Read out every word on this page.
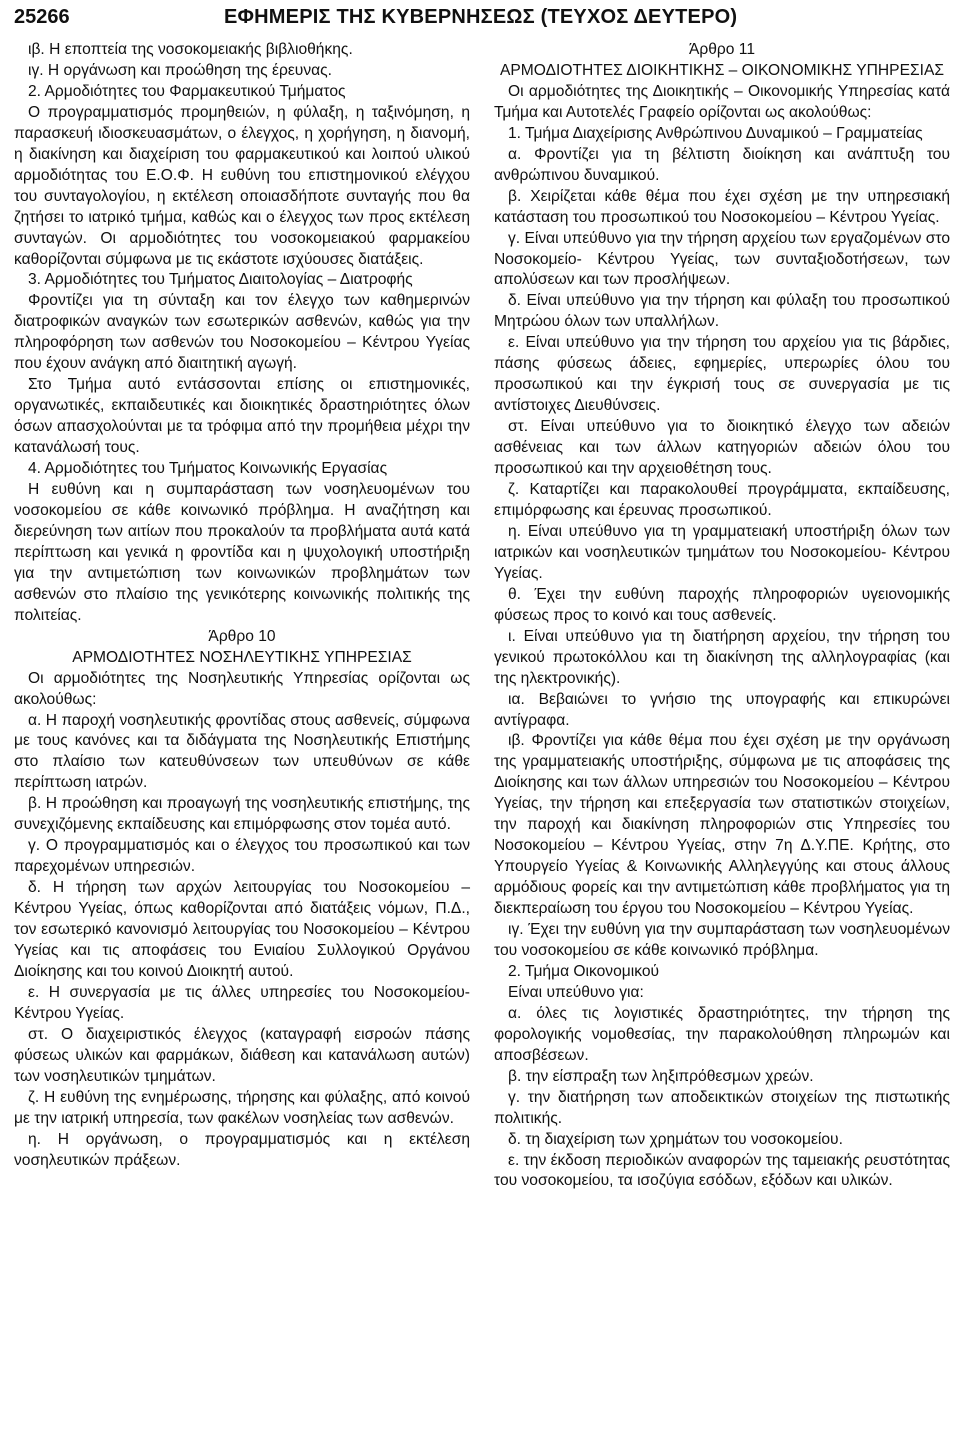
25266	ΕΦΗΜΕΡΙΣ ΤΗΣ ΚΥΒΕΡΝΗΣΕΩΣ (ΤΕΥΧΟΣ ΔΕΥΤΕΡΟ)

ιβ. Η εποπτεία της νοσοκομειακής βιβλιοθήκης.

ιγ. Η οργάνωση και προώθηση της έρευνας.

2. Αρμοδιότητες του Φαρμακευτικού Τμήματος

Ο προγραμματισμός προμηθειών, η φύλαξη, η ταξινόμηση, η παρασκευή ιδιοσκευασμάτων, ο έλεγχος, η χορήγηση, η διανομή, η διακίνηση και διαχείριση του φαρμακευτικού και λοιπού υλικού αρμοδιότητας του Ε.Ο.Φ. Η ευθύνη του επιστημονικού ελέγχου του συνταγολογίου, η εκτέλεση οποιασδήποτε συνταγής που θα ζητήσει το ιατρικό τμήμα, καθώς και ο έλεγχος των προς εκτέλεση συνταγών. Οι αρμοδιότητες του νοσοκομειακού φαρμακείου καθορίζονται σύμφωνα με τις εκάστοτε ισχύουσες διατάξεις.

3. Αρμοδιότητες του Τμήματος Διαιτολογίας – Διατροφής

Φροντίζει για τη σύνταξη και τον έλεγχο των καθημερινών διατροφικών αναγκών των εσωτερικών ασθενών, καθώς για την πληροφόρηση των ασθενών του Νοσοκομείου – Κέντρου Υγείας που έχουν ανάγκη από διαιτητική αγωγή.

Στο Τμήμα αυτό εντάσσονται επίσης οι επιστημονικές, οργανωτικές, εκπαιδευτικές και διοικητικές δραστηριότητες όλων όσων απασχολούνται με τα τρόφιμα από την προμήθεια μέχρι την κατανάλωσή τους.

4. Αρμοδιότητες του Τμήματος Κοινωνικής Εργασίας

Η ευθύνη και η συμπαράσταση των νοσηλευομένων του νοσοκομείου σε κάθε κοινωνικό πρόβλημα. Η αναζήτηση και διερεύνηση των αιτίων που προκαλούν τα προβλήματα αυτά κατά περίπτωση και γενικά η φροντίδα και η ψυχολογική υποστήριξη για την αντιμετώπιση των κοινωνικών προβλημάτων των ασθενών στο πλαίσιο της γενικότερης κοινωνικής πολιτικής της πολιτείας.

Άρθρο 10

ΑΡΜΟΔΙΟΤΗΤΕΣ ΝΟΣΗΛΕΥΤΙΚΗΣ ΥΠΗΡΕΣΙΑΣ

Οι αρμοδιότητες της Νοσηλευτικής Υπηρεσίας ορίζονται ως ακολούθως:

α. Η παροχή νοσηλευτικής φροντίδας στους ασθενείς, σύμφωνα με τους κανόνες και τα διδάγματα της Νοσηλευτικής Επιστήμης στο πλαίσιο των κατευθύνσεων των υπευθύνων σε κάθε περίπτωση ιατρών.

β. Η προώθηση και προαγωγή της νοσηλευτικής επιστήμης, της συνεχιζόμενης εκπαίδευσης και επιμόρφωσης στον τομέα αυτό.

γ. Ο προγραμματισμός και ο έλεγχος του προσωπικού και των παρεχομένων υπηρεσιών.

δ. Η τήρηση των αρχών λειτουργίας του Νοσοκομείου – Κέντρου Υγείας, όπως καθορίζονται από διατάξεις νόμων, Π.Δ., τον εσωτερικό κανονισμό λειτουργίας του Νοσοκομείου – Κέντρου Υγείας και τις αποφάσεις του Ενιαίου Συλλογικού Οργάνου Διοίκησης και του κοινού Διοικητή αυτού.

ε. Η συνεργασία με τις άλλες υπηρεσίες του Νοσοκομείου- Κέντρου Υγείας.

στ. Ο διαχειριστικός έλεγχος (καταγραφή εισροών πάσης φύσεως υλικών και φαρμάκων, διάθεση και κατανάλωση αυτών) των νοσηλευτικών τμημάτων.

ζ. Η ευθύνη της ενημέρωσης, τήρησης και φύλαξης, από κοινού με την ιατρική υπηρεσία, των φακέλων νοσηλείας των ασθενών.

η. Η οργάνωση, ο προγραμματισμός και η εκτέλεση νοσηλευτικών πράξεων.

Άρθρο 11

ΑΡΜΟΔΙΟΤΗΤΕΣ ΔΙΟΙΚΗΤΙΚΗΣ – ΟΙΚΟΝΟΜΙΚΗΣ ΥΠΗΡΕΣΙΑΣ

Οι αρμοδιότητες της Διοικητικής – Οικονομικής Υπηρεσίας κατά Τμήμα και Αυτοτελές Γραφείο ορίζονται ως ακολούθως:

1. Τμήμα Διαχείρισης Ανθρώπινου Δυναμικού – Γραμματείας

α. Φροντίζει για τη βέλτιστη διοίκηση και ανάπτυξη του ανθρώπινου δυναμικού.

β. Χειρίζεται κάθε θέμα που έχει σχέση με την υπηρεσιακή κατάσταση του προσωπικού του Νοσοκομείου – Κέντρου Υγείας.

γ. Είναι υπεύθυνο για την τήρηση αρχείου των εργαζομένων στο Νοσοκομείο- Κέντρου Υγείας, των συνταξιοδοτήσεων, των απολύσεων και των προσλήψεων.

δ. Είναι υπεύθυνο για την τήρηση και φύλαξη του προσωπικού Μητρώου όλων των υπαλλήλων.

ε. Είναι υπεύθυνο για την τήρηση του αρχείου για τις βάρδιες, πάσης φύσεως άδειες, εφημερίες, υπερωρίες όλου του προσωπικού και την έγκρισή τους σε συνεργασία με τις αντίστοιχες Διευθύνσεις.

στ. Είναι υπεύθυνο για το διοικητικό έλεγχο των αδειών ασθένειας και των άλλων κατηγοριών αδειών όλου του προσωπικού και την αρχειοθέτηση τους.

ζ. Καταρτίζει και παρακολουθεί προγράμματα, εκπαίδευσης, επιμόρφωσης και έρευνας προσωπικού.

η. Είναι υπεύθυνο για τη γραμματειακή υποστήριξη όλων των ιατρικών και νοσηλευτικών τμημάτων του Νοσοκομείου- Κέντρου Υγείας.

θ. Έχει την ευθύνη παροχής πληροφοριών υγειονομικής φύσεως προς το κοινό και τους ασθενείς.

ι. Είναι υπεύθυνο για τη διατήρηση αρχείου, την τήρηση του γενικού πρωτοκόλλου και τη διακίνηση της αλληλογραφίας (και της ηλεκτρονικής).

ια. Βεβαιώνει το γνήσιο της υπογραφής και επικυρώνει αντίγραφα.

ιβ. Φροντίζει για κάθε θέμα που έχει σχέση με την οργάνωση της γραμματειακής υποστήριξης, σύμφωνα με τις αποφάσεις της Διοίκησης και των άλλων υπηρεσιών του Νοσοκομείου – Κέντρου Υγείας, την τήρηση και επεξεργασία των στατιστικών στοιχείων, την παροχή και διακίνηση πληροφοριών στις Υπηρεσίες του Νοσοκομείου – Κέντρου Υγείας, στην 7η Δ.Υ.ΠΕ. Κρήτης, στο Υπουργείο Υγείας & Κοινωνικής Αλληλεγγύης και στους άλλους αρμόδιους φορείς και την αντιμετώπιση κάθε προβλήματος για τη διεκπεραίωση του έργου του Νοσοκομείου – Κέντρου Υγείας.

ιγ. Έχει την ευθύνη για την συμπαράσταση των νοσηλευομένων του νοσοκομείου σε κάθε κοινωνικό πρόβλημα.

2. Τμήμα Οικονομικού

Είναι υπεύθυνο για:

α. όλες τις λογιστικές δραστηριότητες, την τήρηση της φορολογικής νομοθεσίας, την παρακολούθηση πληρωμών και αποσβέσεων.

β. την είσπραξη των ληξιπρόθεσμων χρεών.

γ. την διατήρηση των αποδεικτικών στοιχείων της πιστωτικής πολιτικής.

δ. τη διαχείριση των χρημάτων του νοσοκομείου.

ε. την έκδοση περιοδικών αναφορών της ταμειακής ρευστότητας του νοσοκομείου, τα ισοζύγια εσόδων, εξόδων και υλικών.
